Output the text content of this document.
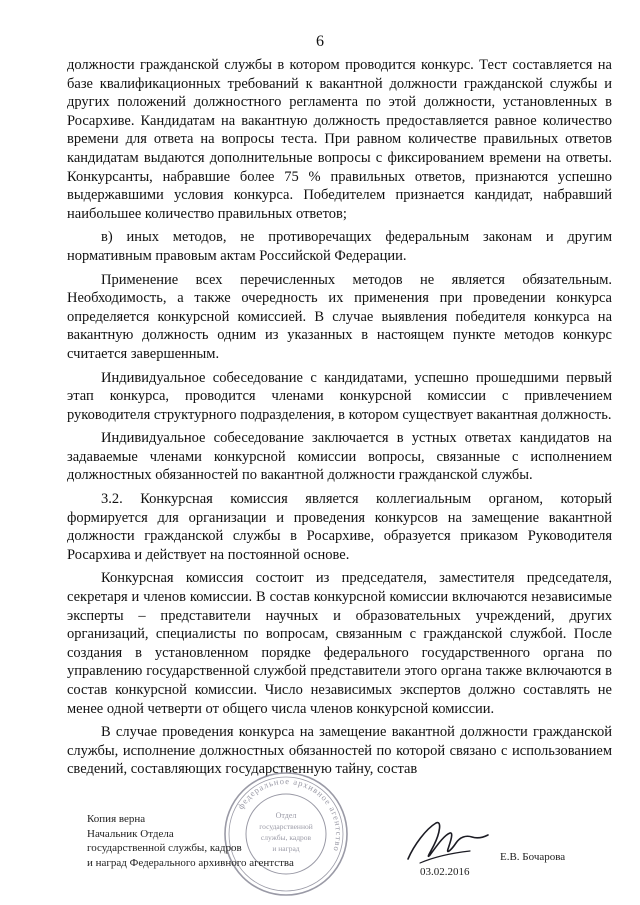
6

должности гражданской службы в котором проводится конкурс. Тест составляется на базе квалификационных требований к вакантной должности гражданской службы и других положений должностного регламента по этой должности, установленных в Росархиве. Кандидатам на вакантную должность предоставляется равное количество времени для ответа на вопросы теста. При равном количестве правильных ответов кандидатам выдаются дополнительные вопросы с фиксированием времени на ответы. Конкурсанты, набравшие более 75 % правильных ответов, признаются успешно выдержавшими условия конкурса. Победителем признается кандидат, набравший наибольшее количество правильных ответов;

в) иных методов, не противоречащих федеральным законам и другим нормативным правовым актам Российской Федерации.

Применение всех перечисленных методов не является обязательным. Необходимость, а также очередность их применения при проведении конкурса определяется конкурсной комиссией. В случае выявления победителя конкурса на вакантную должность одним из указанных в настоящем пункте методов конкурс считается завершенным.

Индивидуальное собеседование с кандидатами, успешно прошедшими первый этап конкурса, проводится членами конкурсной комиссии с привлечением руководителя структурного подразделения, в котором существует вакантная должность.

Индивидуальное собеседование заключается в устных ответах кандидатов на задаваемые членами конкурсной комиссии вопросы, связанные с исполнением должностных обязанностей по вакантной должности гражданской службы.

3.2. Конкурсная комиссия является коллегиальным органом, который формируется для организации и проведения конкурсов на замещение вакантной должности гражданской службы в Росархиве, образуется приказом Руководителя Росархива и действует на постоянной основе.

Конкурсная комиссия состоит из председателя, заместителя председателя, секретаря и членов комиссии. В состав конкурсной комиссии включаются независимые эксперты – представители научных и образовательных учреждений, других организаций, специалисты по вопросам, связанным с гражданской службой. После создания в установленном порядке федерального государственного органа по управлению государственной службой представители этого органа также включаются в состав конкурсной комиссии. Число независимых экспертов должно составлять не менее одной четверти от общего числа членов конкурсной комиссии.

В случае проведения конкурса на замещение вакантной должности гражданской службы, исполнение должностных обязанностей по которой связано с использованием сведений, составляющих государственную тайну, состав

федеральное архивное агентство
Отдел
государственной
службы, кадров
и наград
Копия верна
Начальник Отдела
государственной службы, кадров
и наград Федерального архивного агентства	Е.В. Бочарова
03.02.2016
